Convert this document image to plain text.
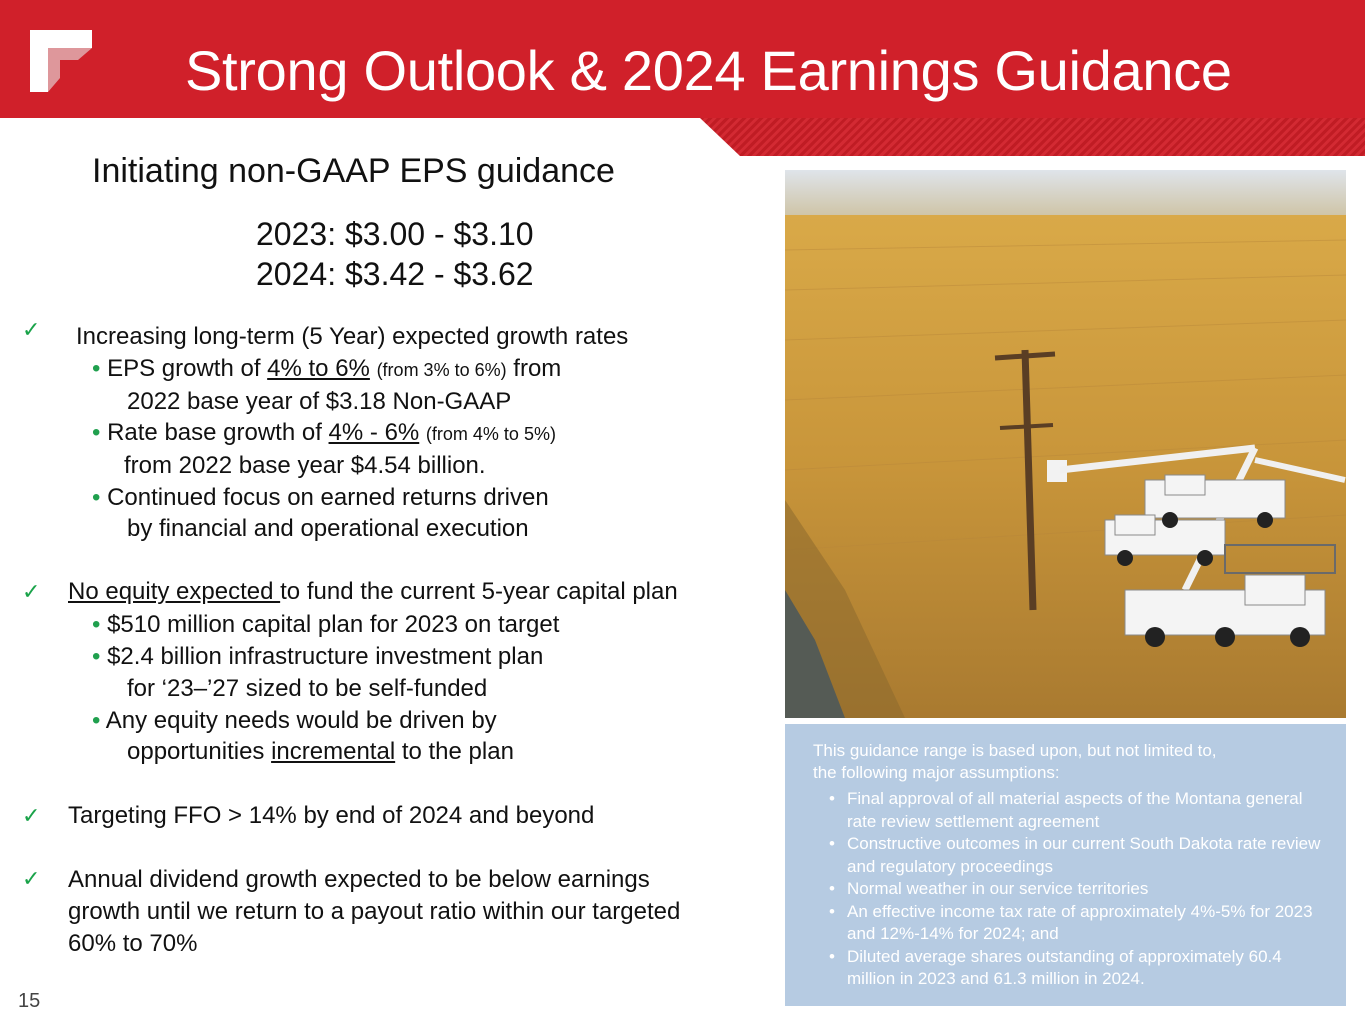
Strong Outlook & 2024 Earnings Guidance
Initiating non-GAAP EPS guidance
2023: $3.00 - $3.10
2024: $3.42 - $3.62
✓ Increasing long-term (5 Year) expected growth rates
• EPS growth of 4% to 6% (from 3% to 6%) from
2022 base year of $3.18 Non-GAAP
• Rate base growth of 4% - 6% (from 4% to 5%)
from 2022 base year $4.54 billion.
• Continued focus on earned returns driven
by financial and operational execution
✓ No equity expected to fund the current 5-year capital plan
• $510 million capital plan for 2023 on target
• $2.4 billion infrastructure investment plan
for ‘23–’27 sized to be self-funded
• Any equity needs would be driven by
opportunities incremental to the plan
✓ Targeting FFO > 14% by end of 2024 and beyond
✓ Annual dividend growth expected to be below earnings
growth until we return to a payout ratio within our targeted
60% to 70%
This guidance range is based upon, but not limited to,
the following major assumptions:
• Final approval of all material aspects of the Montana general rate review settlement agreement
• Constructive outcomes in our current South Dakota rate review and regulatory proceedings
• Normal weather in our service territories
• An effective income tax rate of approximately 4%-5% for 2023 and 12%-14% for 2024; and
• Diluted average shares outstanding of approximately 60.4 million in 2023 and 61.3 million in 2024.
15
